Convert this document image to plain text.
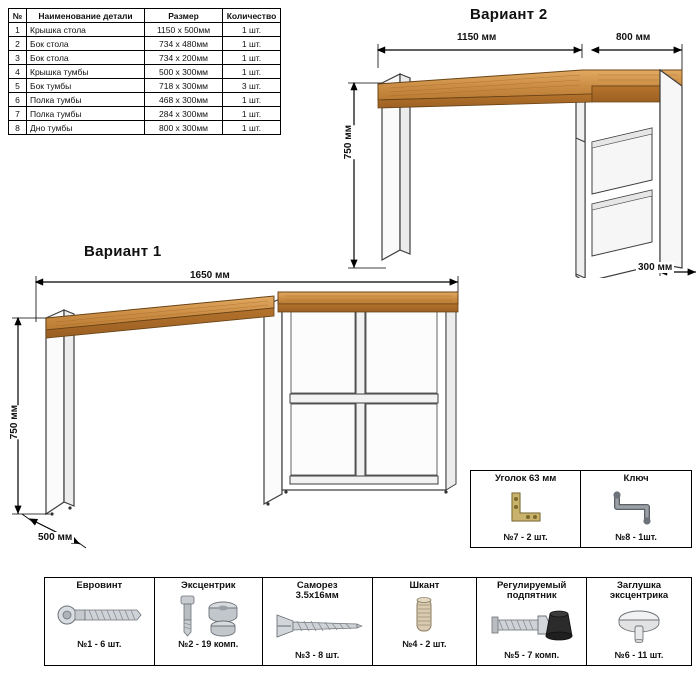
№	Наименование детали	Размер	Количество
1	Крышка стола	1150 x 500мм	1 шт.
2	Бок стола	734 x 480мм	1 шт.
3	Бок стола	734 x 200мм	1 шт.
4	Крышка тумбы	500 x 300мм	1 шт.
5	Бок тумбы	718 x 300мм	3 шт.
6	Полка тумбы	468 x 300мм	1 шт.
7	Полка тумбы	284 x 300мм	1 шт.
8	Дно тумбы	800 x 300мм	1 шт.
Вариант 2
1150 мм	800 мм
750 мм
300 мм
Вариант 1
1650 мм
750 мм
500 мм
Уголок 63 мм
№7 - 2 шт.

Ключ
№8 - 1шт.
Евровинт
№1 - 6 шт.

Эксцентрик
№2 - 19 комп.

Саморез
3.5x16мм
№3 - 8 шт.

Шкант
№4 - 2 шт.

Регулируемый
подпятник
№5 - 7 комп.

Заглушка
эксцентрика
№6 - 11 шт.
